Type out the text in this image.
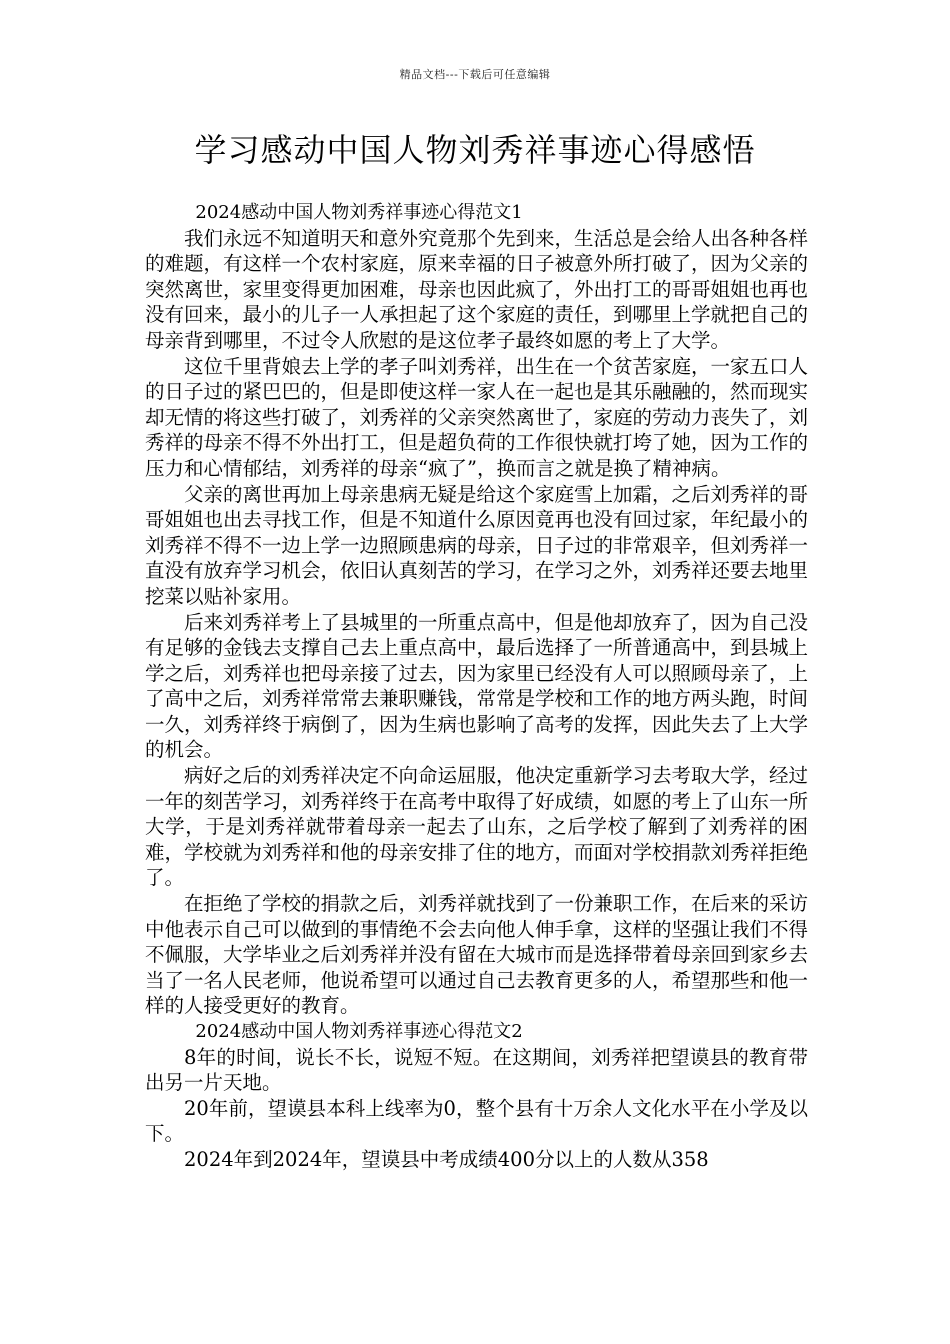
精品文档---下载后可任意编辑
学习感动中国人物刘秀祥事迹心得感悟

2024感动中国人物刘秀祥事迹心得范文1

我们永远不知道明天和意外究竟那个先到来，生活总是会给人出各种各样的难题，有这样一个农村家庭，原来幸福的日子被意外所打破了，因为父亲的突然离世，家里变得更加困难，母亲也因此疯了，外出打工的哥哥姐姐也再也没有回来，最小的儿子一人承担起了这个家庭的责任，到哪里上学就把自己的母亲背到哪里，不过令人欣慰的是这位孝子最终如愿的考上了大学。

这位千里背娘去上学的孝子叫刘秀祥，出生在一个贫苦家庭，一家五口人的日子过的紧巴巴的，但是即使这样一家人在一起也是其乐融融的，然而现实却无情的将这些打破了，刘秀祥的父亲突然离世了，家庭的劳动力丧失了，刘秀祥的母亲不得不外出打工，但是超负荷的工作很快就打垮了她，因为工作的压力和心情郁结，刘秀祥的母亲“疯了”，换而言之就是换了精神病。

父亲的离世再加上母亲患病无疑是给这个家庭雪上加霜，之后刘秀祥的哥哥姐姐也出去寻找工作，但是不知道什么原因竟再也没有回过家，年纪最小的刘秀祥不得不一边上学一边照顾患病的母亲，日子过的非常艰辛，但刘秀祥一直没有放弃学习机会，依旧认真刻苦的学习，在学习之外，刘秀祥还要去地里挖菜以贴补家用。

后来刘秀祥考上了县城里的一所重点高中，但是他却放弃了，因为自己没有足够的金钱去支撑自己去上重点高中，最后选择了一所普通高中，到县城上学之后，刘秀祥也把母亲接了过去，因为家里已经没有人可以照顾母亲了，上了高中之后，刘秀祥常常去兼职赚钱，常常是学校和工作的地方两头跑，时间一久，刘秀祥终于病倒了，因为生病也影响了高考的发挥，因此失去了上大学的机会。

病好之后的刘秀祥决定不向命运屈服，他决定重新学习去考取大学，经过一年的刻苦学习，刘秀祥终于在高考中取得了好成绩，如愿的考上了山东一所大学，于是刘秀祥就带着母亲一起去了山东，之后学校了解到了刘秀祥的困难，学校就为刘秀祥和他的母亲安排了住的地方，而面对学校捐款刘秀祥拒绝了。

在拒绝了学校的捐款之后，刘秀祥就找到了一份兼职工作，在后来的采访中他表示自己可以做到的事情绝不会去向他人伸手拿，这样的坚强让我们不得不佩服，大学毕业之后刘秀祥并没有留在大城市而是选择带着母亲回到家乡去当了一名人民老师，他说希望可以通过自己去教育更多的人，希望那些和他一样的人接受更好的教育。

2024感动中国人物刘秀祥事迹心得范文2

8年的时间，说长不长，说短不短。在这期间，刘秀祥把望谟县的教育带出另一片天地。

20年前，望谟县本科上线率为0，整个县有十万余人文化水平在小学及以下。

2024年到2024年，望谟县中考成绩400分以上的人数从358
